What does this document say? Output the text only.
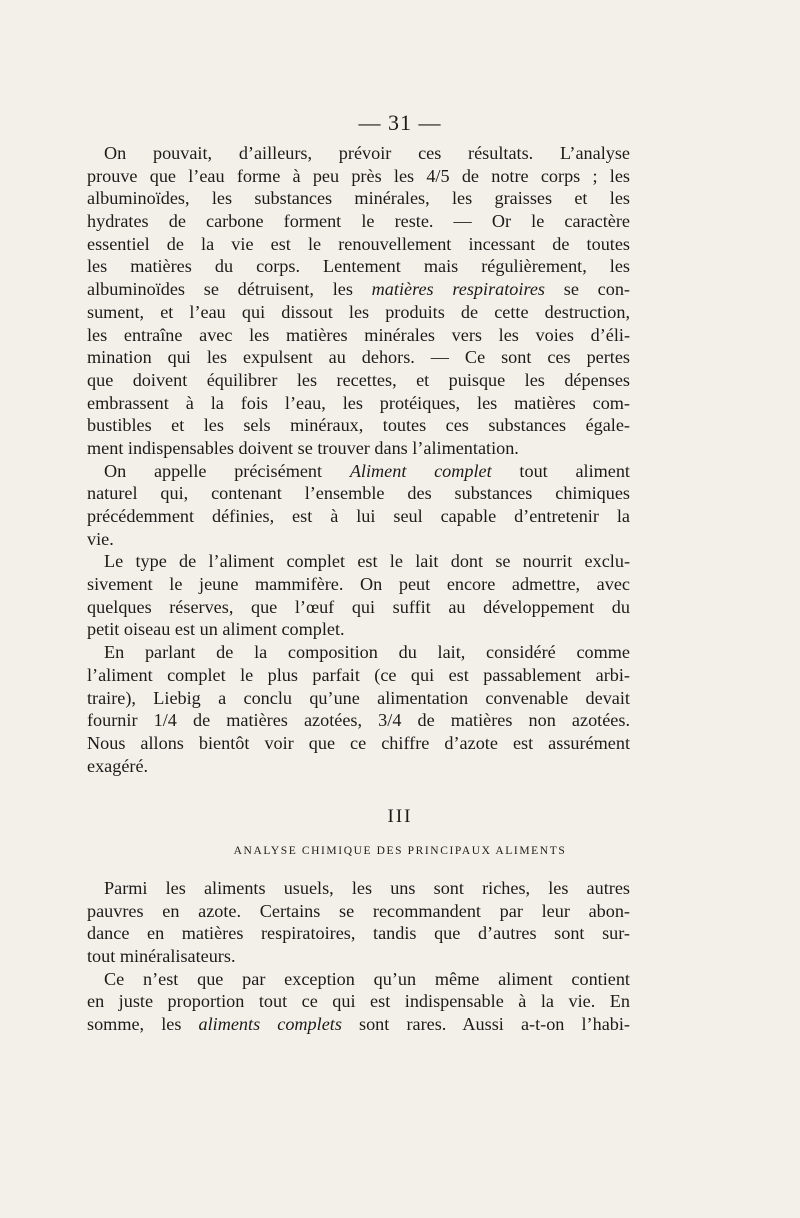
— 31 —
On pouvait, d’ailleurs, prévoir ces résultats. L’analyse
prouve que l’eau forme à peu près les 4/5 de notre corps ; les
albuminoïdes, les substances minérales, les graisses et les
hydrates de carbone forment le reste. — Or le caractère
essentiel de la vie est le renouvellement incessant de toutes
les matières du corps. Lentement mais régulièrement, les
albuminoïdes se détruisent, les matières respiratoires se con-
sument, et l’eau qui dissout les produits de cette destruction,
les entraîne avec les matières minérales vers les voies d’éli-
mination qui les expulsent au dehors. — Ce sont ces pertes
que doivent équilibrer les recettes, et puisque les dépenses
embrassent à la fois l’eau, les protéiques, les matières com-
bustibles et les sels minéraux, toutes ces substances égale-
ment indispensables doivent se trouver dans l’alimentation.
On appelle précisément Aliment complet tout aliment
naturel qui, contenant l’ensemble des substances chimiques
précédemment définies, est à lui seul capable d’entretenir la
vie.
Le type de l’aliment complet est le lait dont se nourrit exclu-
sivement le jeune mammifère. On peut encore admettre, avec
quelques réserves, que l’œuf qui suffit au développement du
petit oiseau est un aliment complet.
En parlant de la composition du lait, considéré comme
l’aliment complet le plus parfait (ce qui est passablement arbi-
traire), Liebig a conclu qu’une alimentation convenable devait
fournir 1/4 de matières azotées, 3/4 de matières non azotées.
Nous allons bientôt voir que ce chiffre d’azote est assurément
exagéré.
III
ANALYSE CHIMIQUE DES PRINCIPAUX ALIMENTS
Parmi les aliments usuels, les uns sont riches, les autres
pauvres en azote. Certains se recommandent par leur abon-
dance en matières respiratoires, tandis que d’autres sont sur-
tout minéralisateurs.
Ce n’est que par exception qu’un même aliment contient
en juste proportion tout ce qui est indispensable à la vie. En
somme, les aliments complets sont rares. Aussi a-t-on l’habi-
